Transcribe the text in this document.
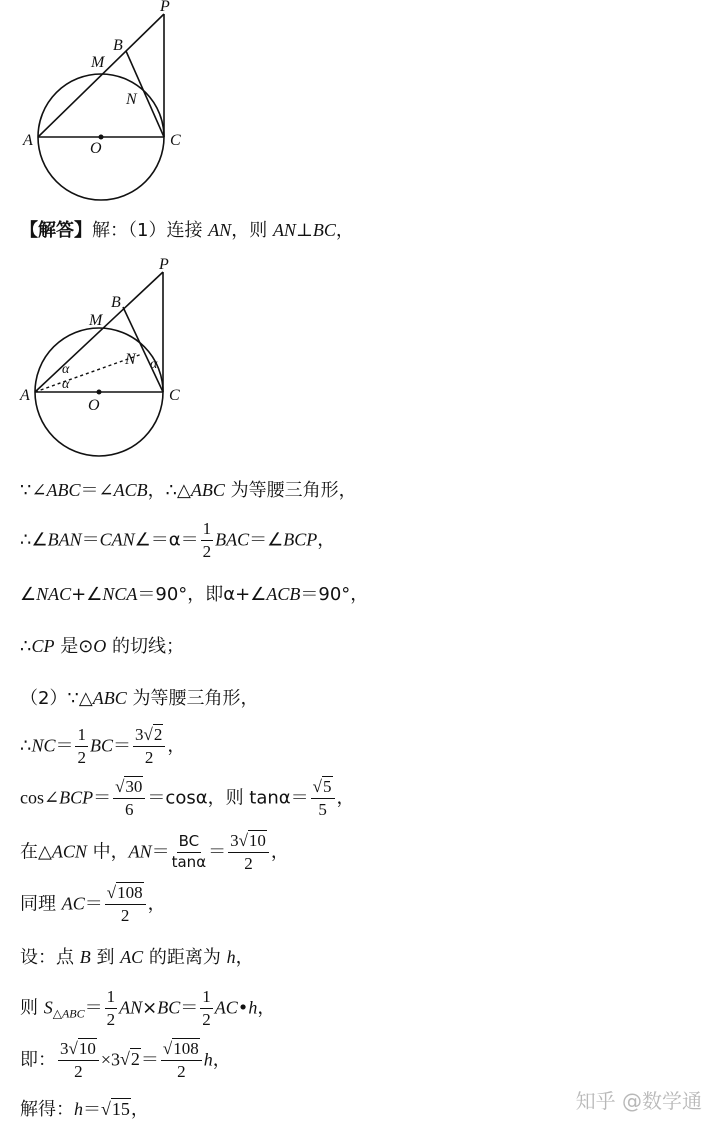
P
B
M
N
A	O	C
【解答】解：（1）连接 AN，则 AN⊥BC，
P
B
M
N
α
α
α
A
O
C
∵∠ABC＝∠ACB，∴△ABC 为等腰三角形，
∴∠BAN＝CAN∠＝α＝ $\frac{1}{2}$ BAC＝∠BCP，
∠NAC+∠NCA＝90°，即α+∠ACB＝90°，
∴CP 是⊙O 的切线；
（2）∵△ABC 为等腰三角形，
∴NC＝ $\frac{1}{2} BC= \frac{3√2}{2}$ ，
cos∠BCP＝ $\frac{√30}{6} =\cos\alpha$，则 $\tan\alpha= \frac{√5}{5}$ ，
在△ACN 中，$AN= \frac{BC}{\tan\alpha} = \frac{3√10}{2}$ ，
同理 $AC= \frac{√108}{2}$ ，
设：点 B 到 AC 的距离为 h，
则 $S_{\triangle ABC}= \frac{1}{2} AN\times BC= \frac{1}{2}$ AC•h，
即： $\frac{3√10}{2} \times 3√2= \frac{√108}{2}$ h，
解得：h＝√15，	知乎 @数学通
